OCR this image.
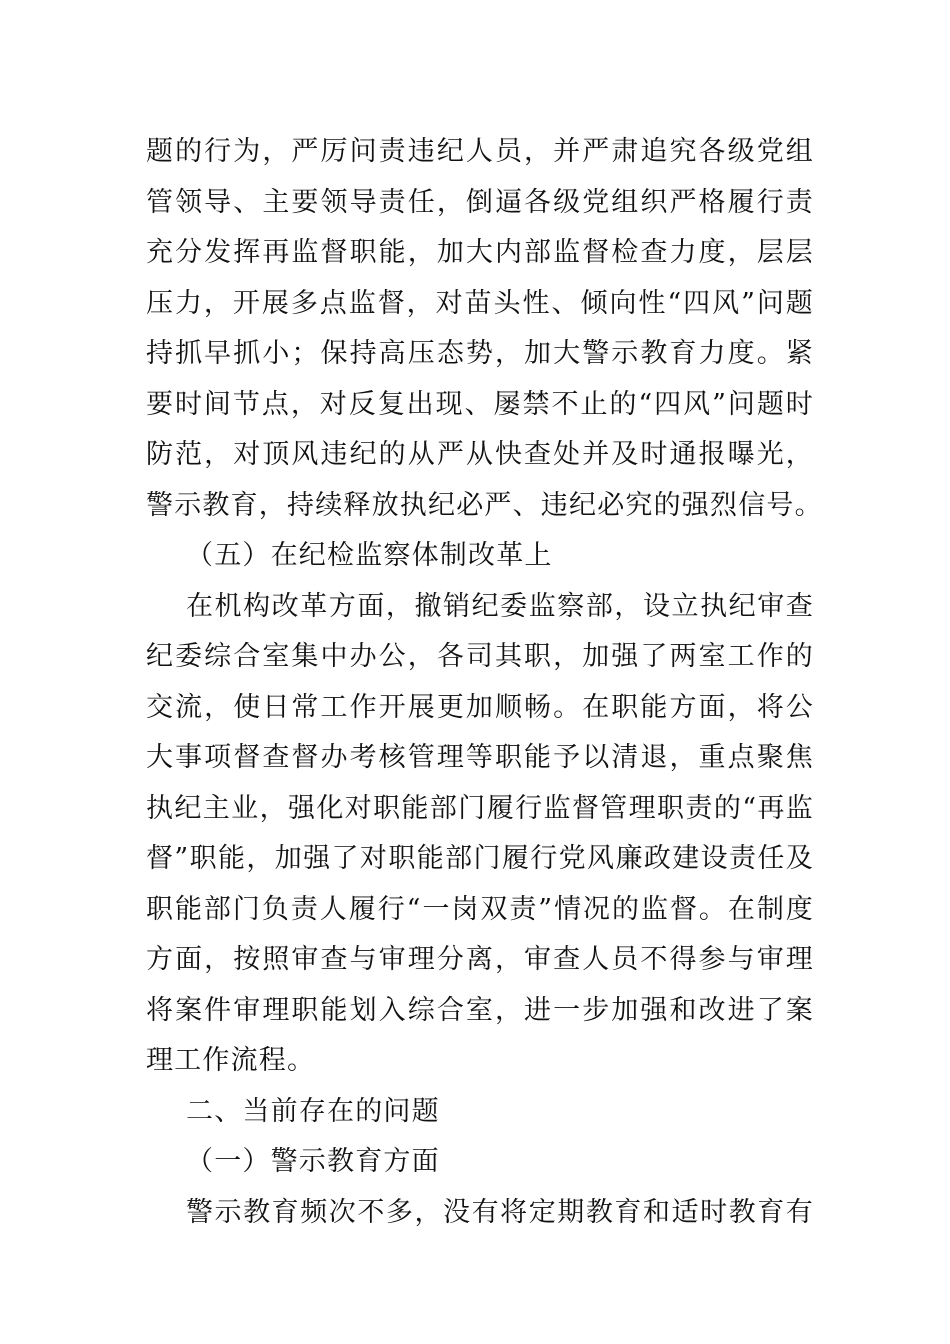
题的行为，严厉问责违纪人员，并严肃追究各级党组
管领导、主要领导责任，倒逼各级党组织严格履行责
充分发挥再监督职能，加大内部监督检查力度，层层
压力，开展多点监督，对苗头性、倾向性“四风”问题
持抓早抓小；保持高压态势，加大警示教育力度。紧
要时间节点，对反复出现、屡禁不止的“四风”问题时
防范，对顶风违纪的从严从快查处并及时通报曝光，
警示教育，持续释放执纪必严、违纪必究的强烈信号。
（五）在纪检监察体制改革上
在机构改革方面，撤销纪委监察部，设立执纪审查
纪委综合室集中办公，各司其职，加强了两室工作的
交流，使日常工作开展更加顺畅。在职能方面，将公
大事项督查督办考核管理等职能予以清退，重点聚焦
执纪主业，强化对职能部门履行监督管理职责的“再监
督”职能，加强了对职能部门履行党风廉政建设责任及
职能部门负责人履行“一岗双责”情况的监督。在制度
方面，按照审查与审理分离，审查人员不得参与审理
将案件审理职能划入综合室，进一步加强和改进了案
理工作流程。
二、当前存在的问题
（一）警示教育方面
警示教育频次不多，没有将定期教育和适时教育有
